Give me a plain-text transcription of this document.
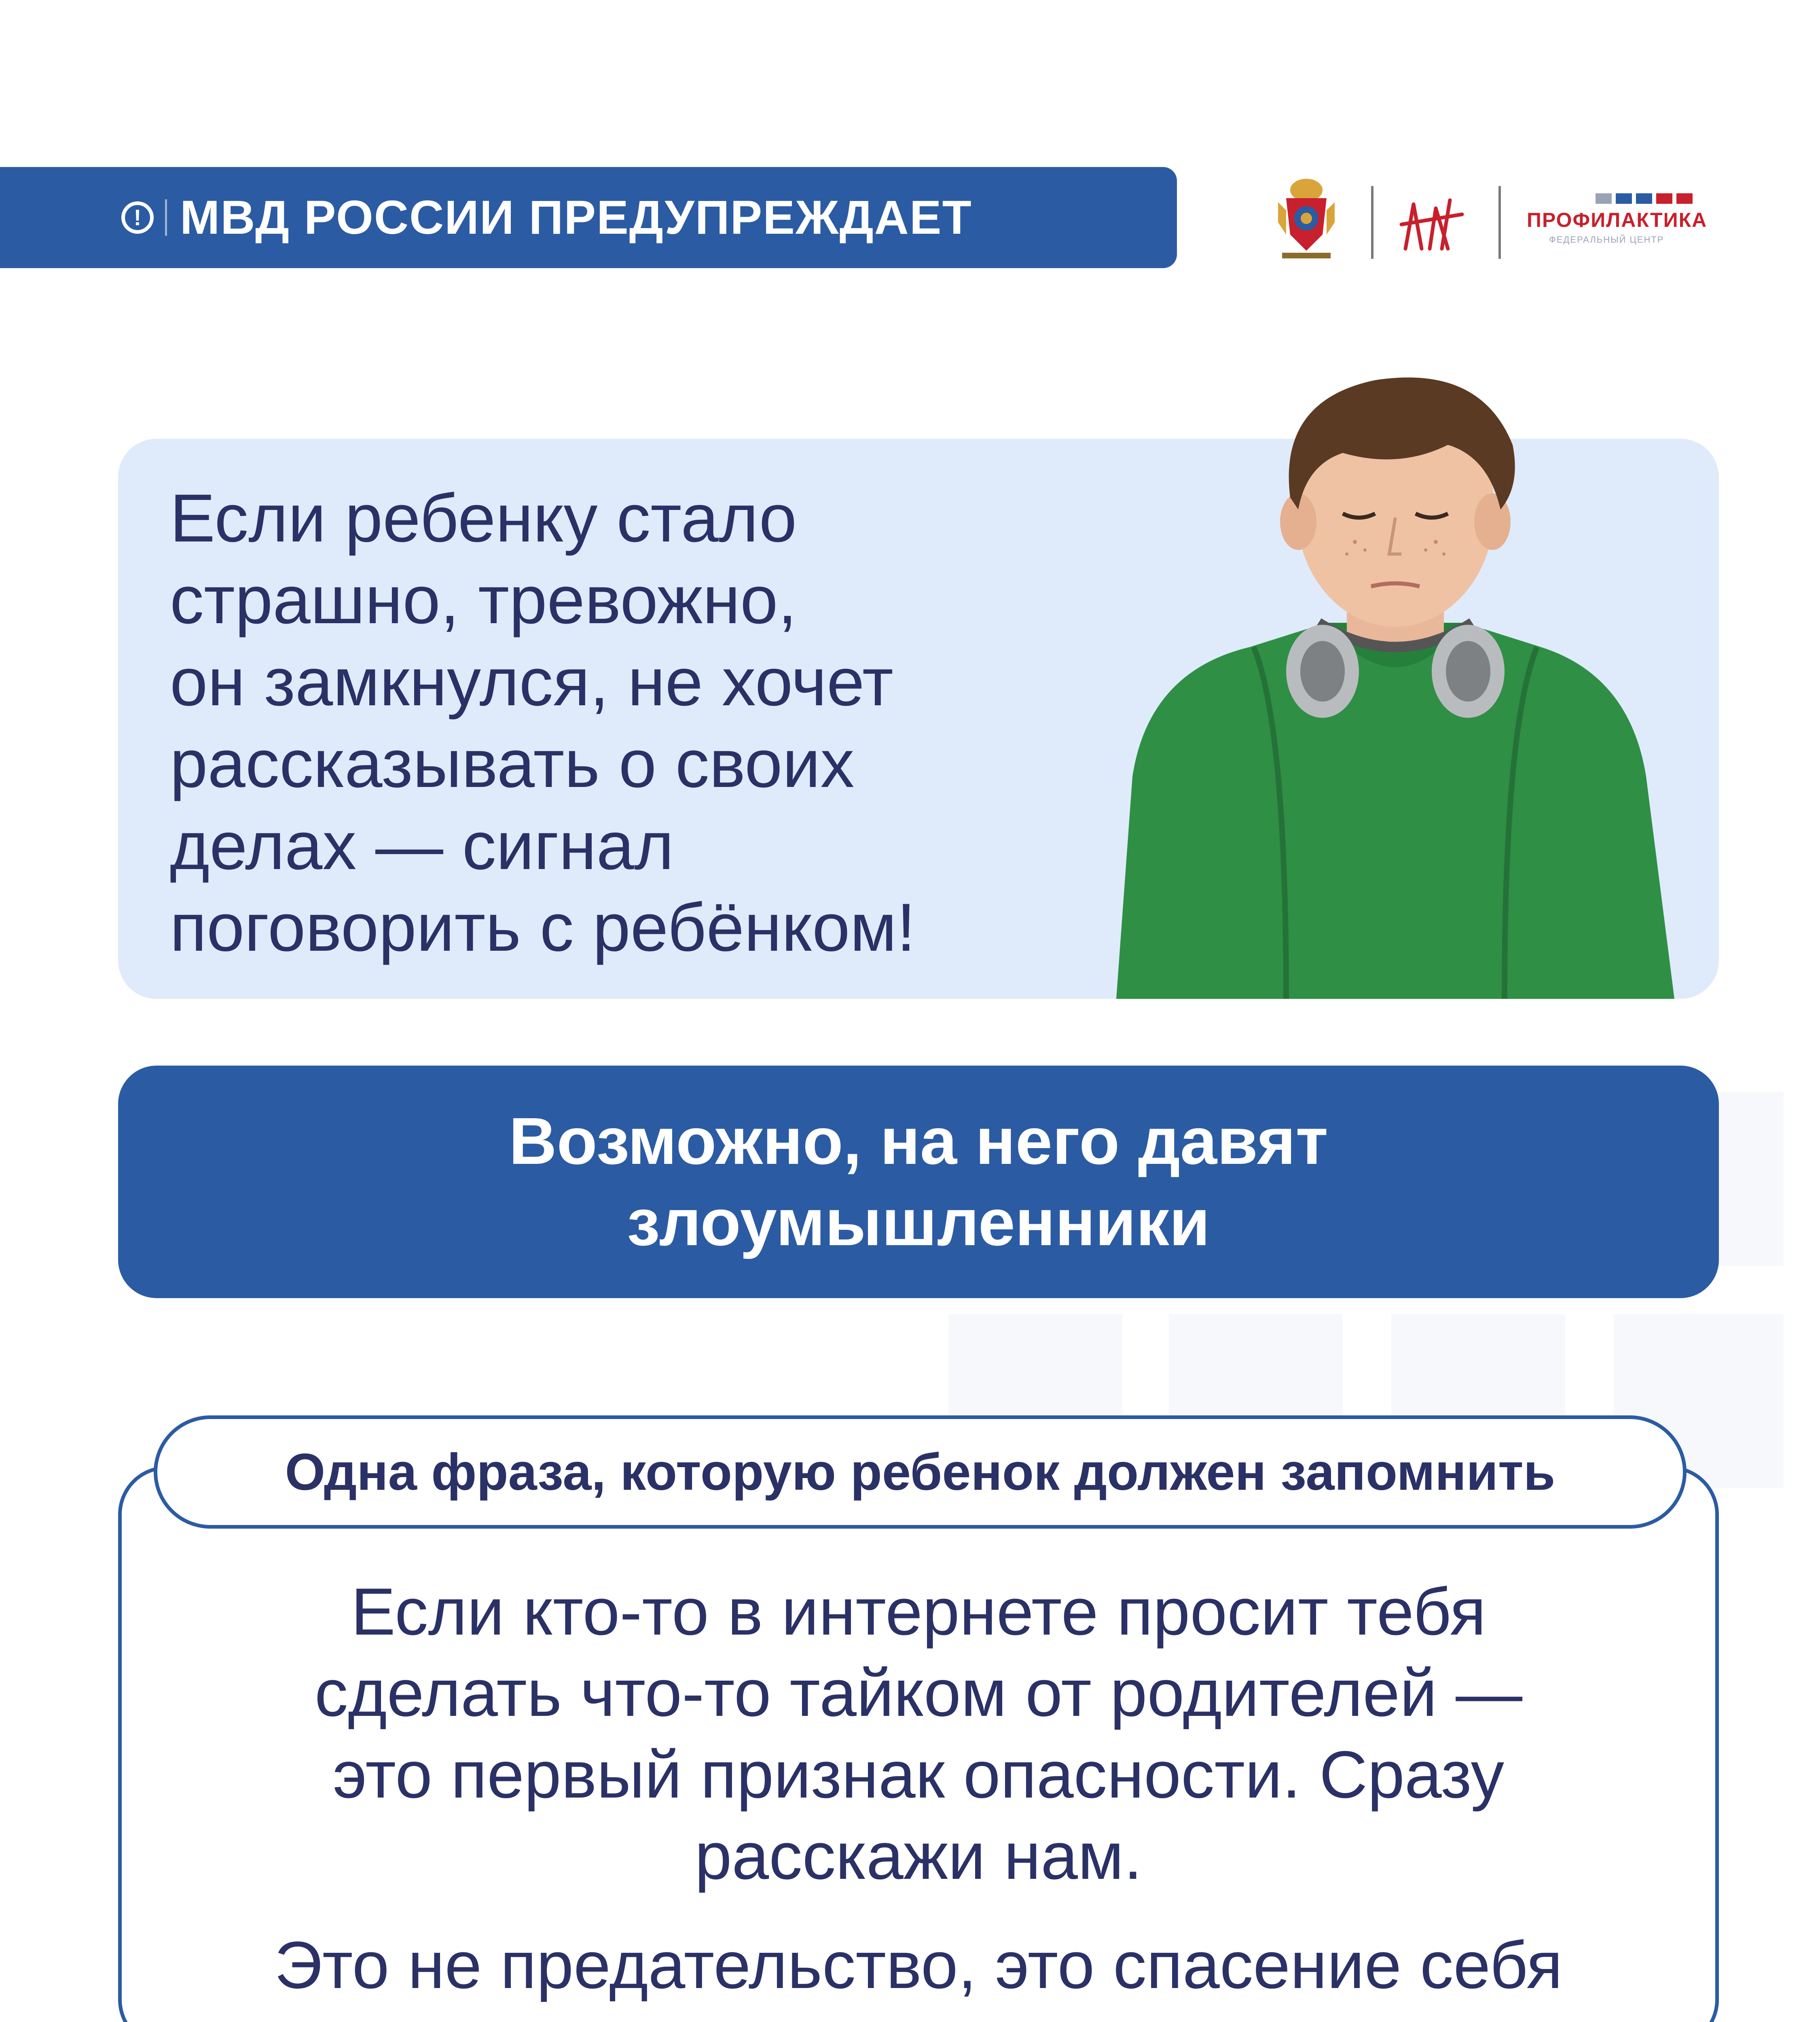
! МВД РОССИИ ПРЕДУПРЕЖДАЕТ	ПРОФИЛАКТИКА
ФЕДЕРАЛЬНЫЙ ЦЕНТР
Если ребенку стало
страшно, тревожно,
он замкнулся, не хочет
рассказывать о своих
делах — сигнал
поговорить с ребёнком!
Возможно, на него давят
злоумышленники
Одна фраза, которую ребенок должен запомнить
Если кто-то в интернете просит тебя
сделать что-то тайком от родителей —
это первый признак опасности. Сразу
расскажи нам.
Это не предательство, это спасение себя
